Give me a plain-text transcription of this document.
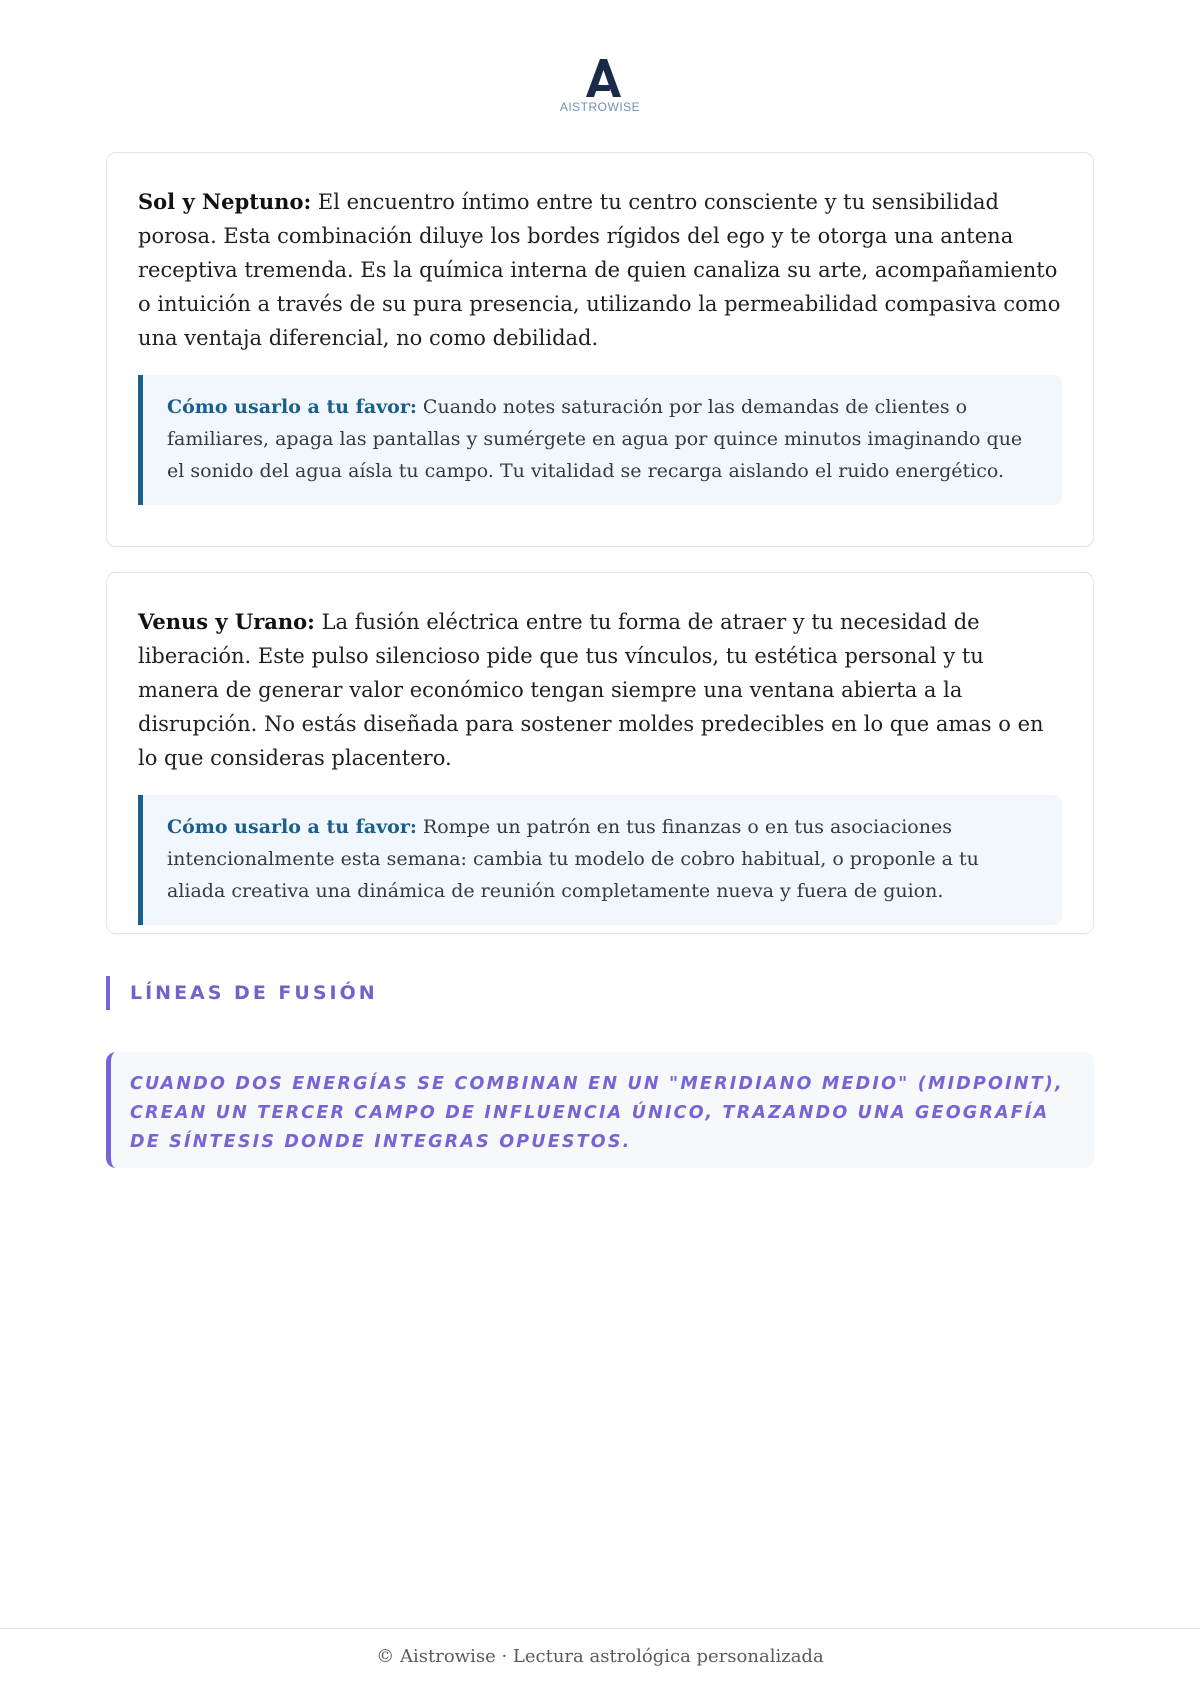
AISTROWISE

Sol y Neptuno: El encuentro íntimo entre tu centro consciente y tu sensibilidad porosa. Esta combinación diluye los bordes rígidos del ego y te otorga una antena receptiva tremenda. Es la química interna de quien canaliza su arte, acompañamiento o intuición a través de su pura presencia, utilizando la permeabilidad compasiva como una ventaja diferencial, no como debilidad.

Cómo usarlo a tu favor: Cuando notes saturación por las demandas de clientes o familiares, apaga las pantallas y sumérgete en agua por quince minutos imaginando que el sonido del agua aísla tu campo. Tu vitalidad se recarga aislando el ruido energético.

Venus y Urano: La fusión eléctrica entre tu forma de atraer y tu necesidad de liberación. Este pulso silencioso pide que tus vínculos, tu estética personal y tu manera de generar valor económico tengan siempre una ventana abierta a la disrupción. No estás diseñada para sostener moldes predecibles en lo que amas o en lo que consideras placentero.

Cómo usarlo a tu favor: Rompe un patrón en tus finanzas o en tus asociaciones intencionalmente esta semana: cambia tu modelo de cobro habitual, o proponle a tu aliada creativa una dinámica de reunión completamente nueva y fuera de guion.
LÍNEAS DE FUSIÓN
CUANDO DOS ENERGÍAS SE COMBINAN EN UN "MERIDIANO MEDIO" (MIDPOINT), CREAN UN TERCER CAMPO DE INFLUENCIA ÚNICO, TRAZANDO UNA GEOGRAFÍA DE SÍNTESIS DONDE INTEGRAS OPUESTOS.
© Aistrowise · Lectura astrológica personalizada
